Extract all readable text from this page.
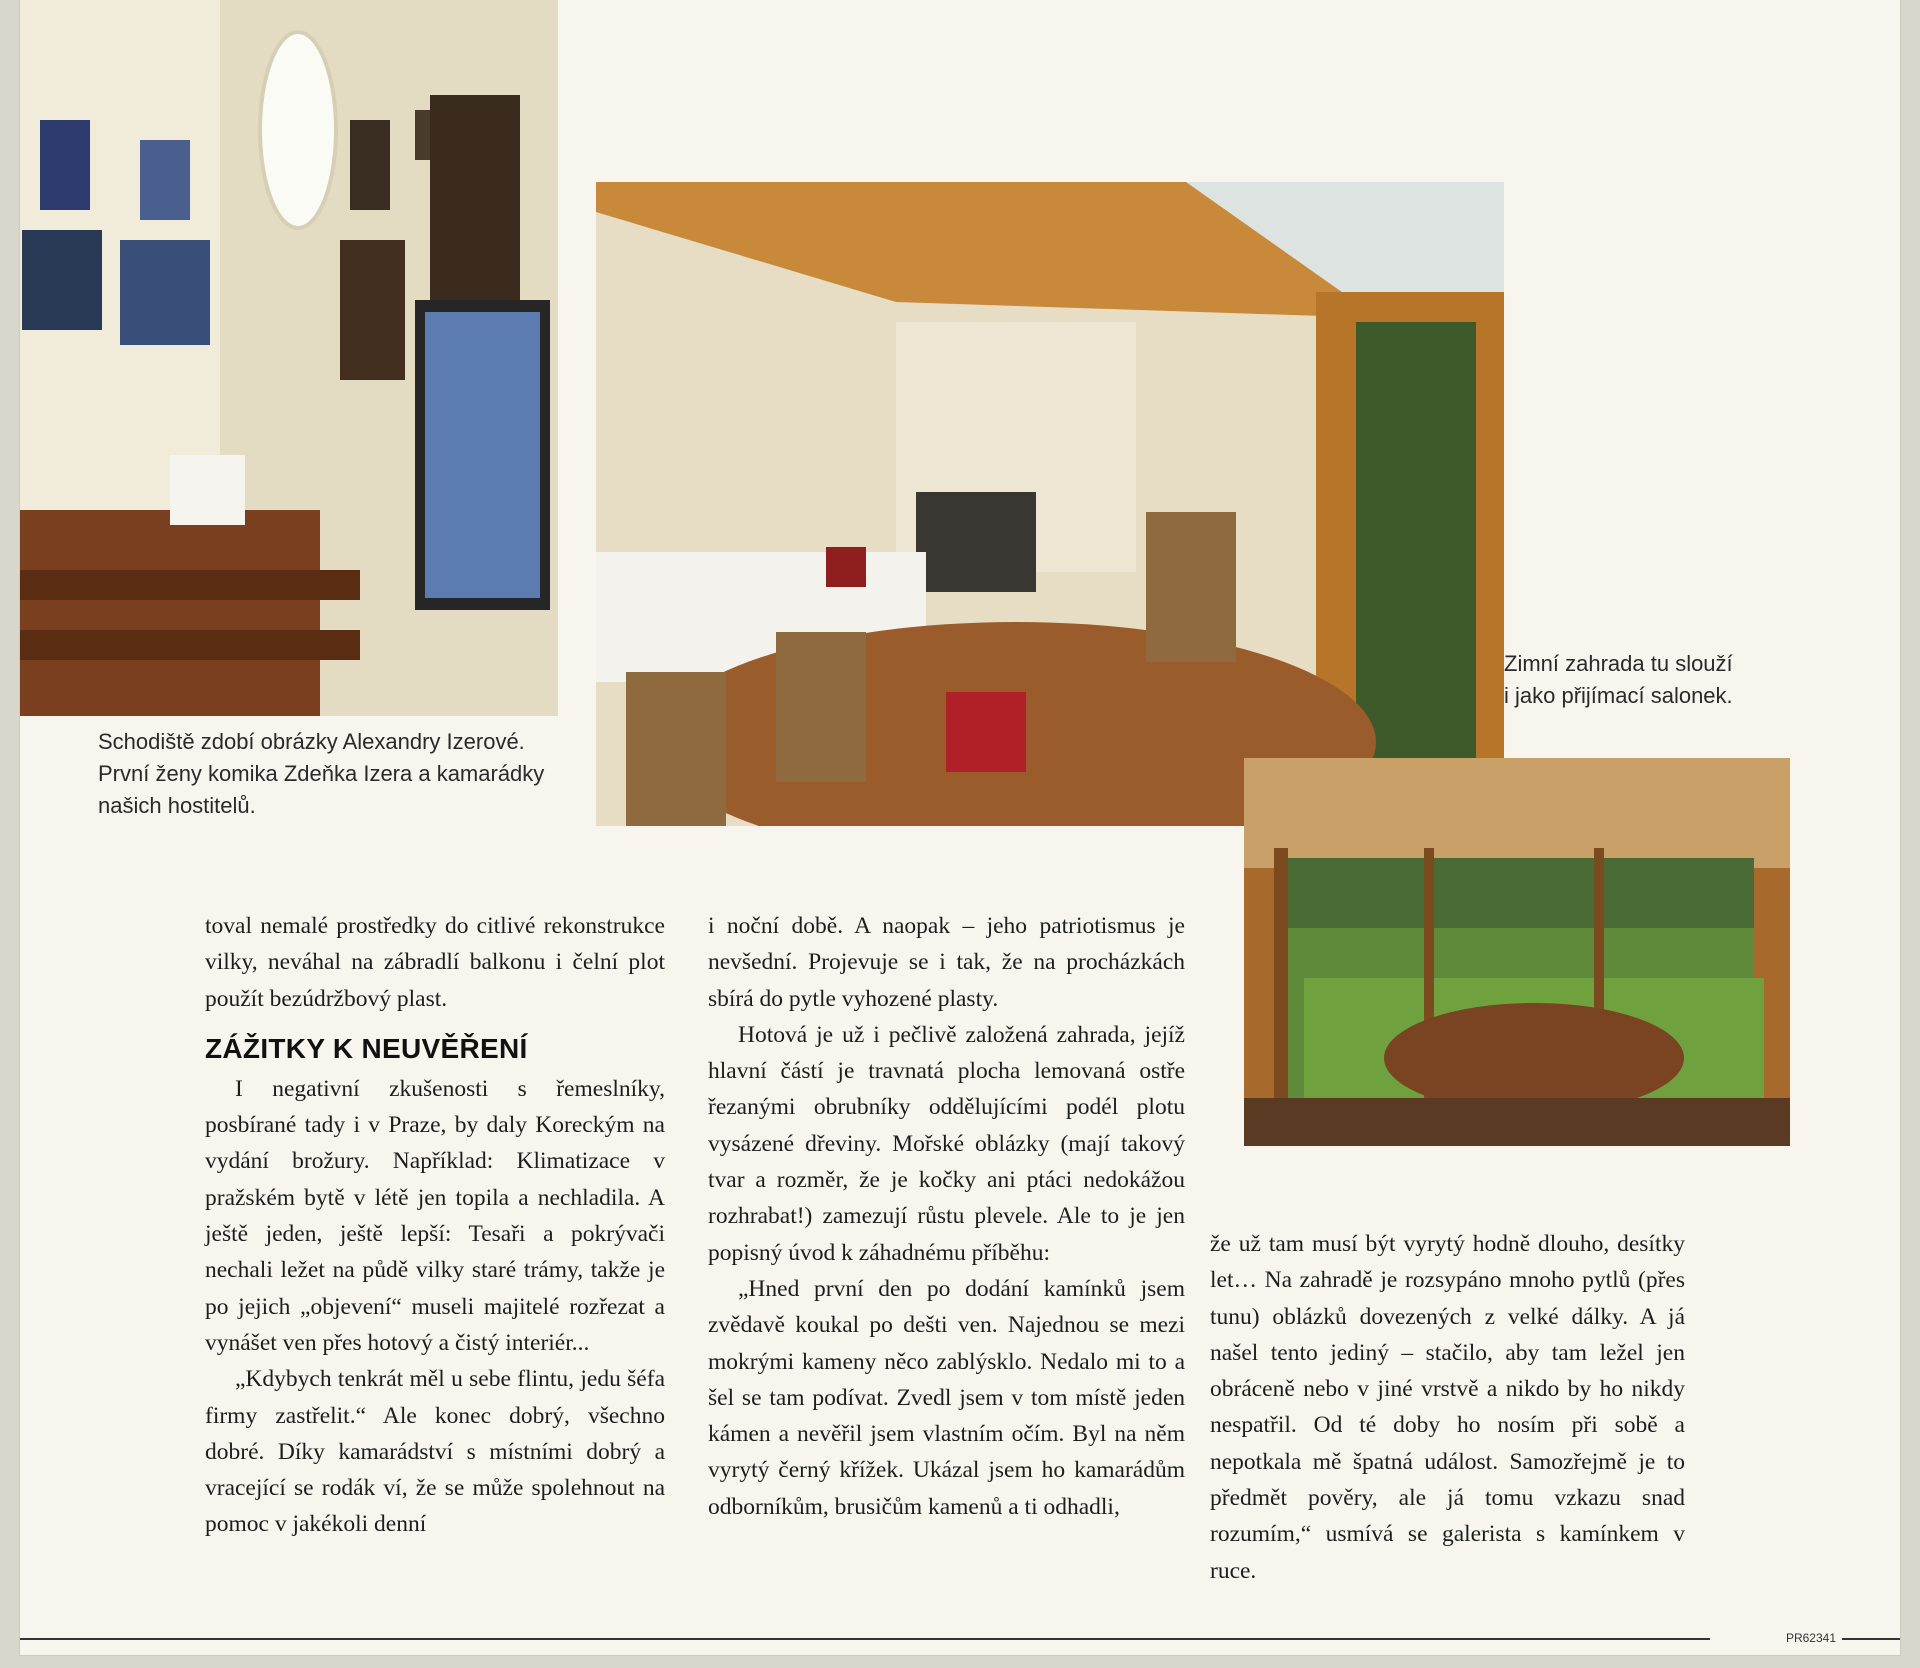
Schodiště zdobí obrázky Alexandry Izerové. První ženy komika Zdeňka Izera a kamarádky našich hostitelů.
Zimní zahrada tu slouží i jako přijímací salonek.

toval nemalé prostředky do citlivé rekonstrukce vilky, neváhal na zábradlí balkonu i čelní plot použít bezúdržbový plast.

ZÁŽITKY K NEUVĚŘENÍ

I negativní zkušenosti s řemeslníky, posbírané tady i v Praze, by daly Koreckým na vydání brožury. Například: Klimatizace v pražském bytě v létě jen topila a nechladila. A ještě jeden, ještě lepší: Tesaři a pokrývači nechali ležet na půdě vilky staré trámy, takže je po jejich „objevení“ museli majitelé rozřezat a vynášet ven přes hotový a čistý interiér...

„Kdybych tenkrát měl u sebe flintu, jedu šéfa firmy zastřelit.“ Ale konec dobrý, všechno dobré. Díky kamarádství s místními dobrý a vracející se rodák ví, že se může spolehnout na pomoc v jakékoli denní

i noční době. A naopak – jeho patriotismus je nevšední. Projevuje se i tak, že na procházkách sbírá do pytle vyhozené plasty.

Hotová je už i pečlivě založená zahrada, jejíž hlavní částí je travnatá plocha lemovaná ostře řezanými obrubníky oddělujícími podél plotu vysázené dřeviny. Mořské oblázky (mají takový tvar a rozměr, že je kočky ani ptáci nedokážou rozhrabat!) zamezují růstu plevele. Ale to je jen popisný úvod k záhadnému příběhu:

„Hned první den po dodání kamínků jsem zvědavě koukal po dešti ven. Najednou se mezi mokrými kameny něco zablýsklo. Nedalo mi to a šel se tam podívat. Zvedl jsem v tom místě jeden kámen a nevěřil jsem vlastním očím. Byl na něm vyrytý černý křížek. Ukázal jsem ho kamarádům odborníkům, brusičům kamenů a ti odhadli,

že už tam musí být vyrytý hodně dlouho, desítky let… Na zahradě je rozsypáno mnoho pytlů (přes tunu) oblázků dovezených z velké dálky. A já našel tento jediný – stačilo, aby tam ležel jen obráceně nebo v jiné vrstvě a nikdo by ho nikdy nespatřil. Od té doby ho nosím při sobě a nepotkala mě špatná událost. Samozřejmě je to předmět pověry, ale já tomu vzkazu snad rozumím,“ usmívá se galerista s kamínkem v ruce.

PR62341
